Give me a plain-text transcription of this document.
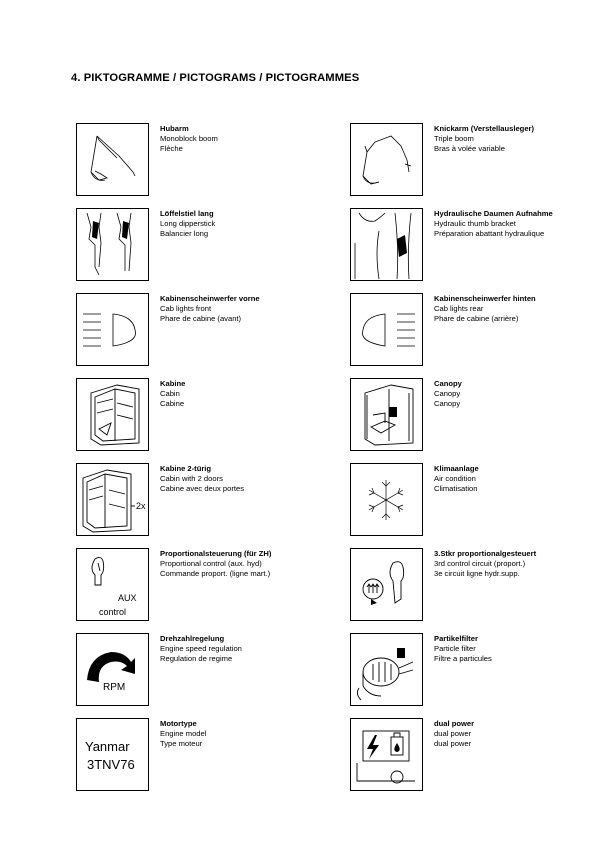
4. PIKTOGRAMME / PICTOGRAMS / PICTOGRAMMES
Hubarm
Monoblock boom
Flèche
Knickarm (Verstellausleger)
Triple boom
Bras à volée variable
Löffelstiel lang
Long dipperstick
Balancier long
Hydraulische Daumen Aufnahme
Hydraulic thumb bracket
Préparation abattant hydraulique
Kabinenscheinwerfer vorne
Cab lights front
Phare de cabine (avant)
Kabinenscheinwerfer hinten
Cab lights rear
Phare de cabine (arrière)
Kabine
Cabin
Cabine
Canopy
Canopy
Canopy
2x
Kabine 2-türig
Cabin with 2 doors
Cabine avec deux portes
Klimaanlage
Air condition
Climatisation
AUX
control
Proportionalsteuerung (für ZH)
Proportional control (aux. hyd)
Commande proport. (ligne mart.)
3.Stkr proportionalgesteuert
3rd control circuit (proport.)
3e circuit ligne hydr.supp.
RPM
Drehzahlregelung
Engine speed regulation
Regulation de regime
Partikelfilter
Particle filter
Filtre a particules
Yanmar
3TNV76
Motortype
Engine model
Type moteur
dual power
dual power
dual power
